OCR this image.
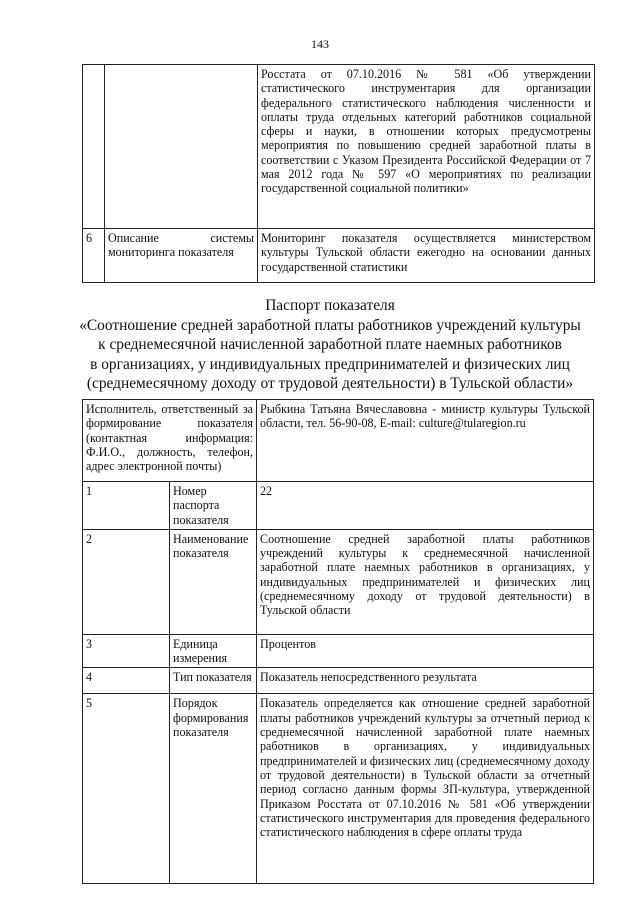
143
		Росстата от 07.10.2016 № 581 «Об утверждении статистического инструментария для организации федерального статистического наблюдения численности и оплаты труда отдельных категорий работников социальной сферы и науки, в отношении которых предусмотрены мероприятия по повышению средней заработной платы в соответствии с Указом Президента Российской Федерации от 7 мая 2012 года № 597 «О мероприятиях по реализации государственной социальной политики»
6	Описание системы мониторинга показателя	Мониторинг показателя осуществляется министерством культуры Тульской области ежегодно на основании данных государственной статистики
Паспорт показателя
«Соотношение средней заработной платы работников учреждений культуры
к среднемесячной начисленной заработной плате наемных работников
в организациях, у индивидуальных предпринимателей и физических лиц
(среднемесячному доходу от трудовой деятельности) в Тульской области»
Исполнитель, ответственный за формирование показателя (контактная информация: Ф.И.О., должность, телефон, адрес электронной почты)		Рыбкина Татьяна Вячеславовна - министр культуры Тульской области, тел. 56-90-08, E-mail: culture@tularegion.ru
1	Номер паспорта показателя	22
2	Наименование показателя	Соотношение средней заработной платы работников учреждений культуры к среднемесячной начисленной заработной плате наемных работников в организациях, у индивидуальных предпринимателей и физических лиц (среднемесячному доходу от трудовой деятельности) в Тульской области
3	Единица измерения	Процентов
4	Тип показателя	Показатель непосредственного результата
5	Порядок формирования показателя	Показатель определяется как отношение средней заработной платы работников учреждений культуры за отчетный период к среднемесячной начисленной заработной плате наемных работников в организациях, у индивидуальных предпринимателей и физических лиц (среднемесячному доходу от трудовой деятельности) в Тульской области за отчетный период согласно данным формы ЗП-культура, утвержденной Приказом Росстата от 07.10.2016 № 581 «Об утверждении статистического инструментария для проведения федерального статистического наблюдения в сфере оплаты труда
